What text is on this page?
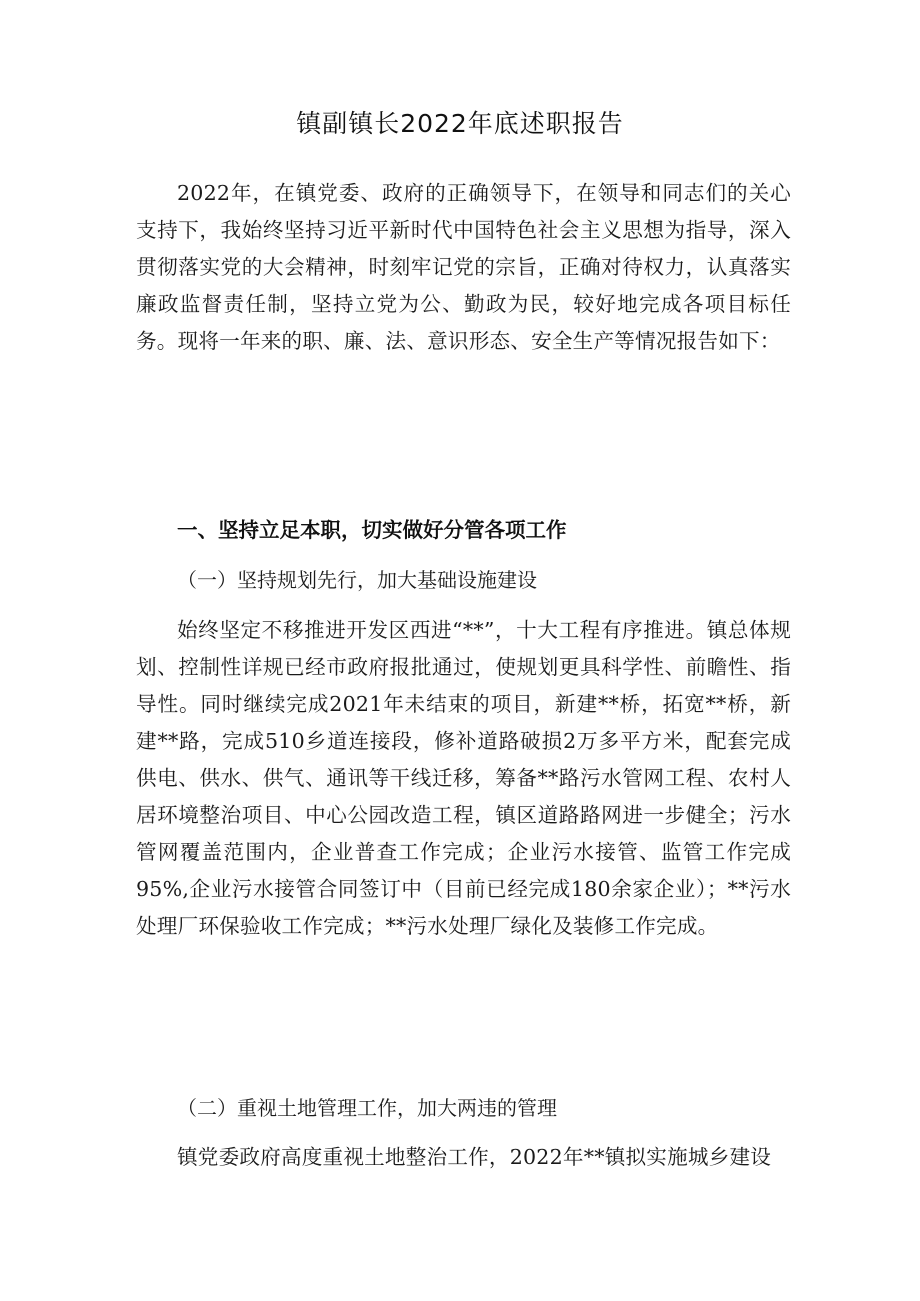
镇副镇长2022年底述职报告

2022年，在镇党委、政府的正确领导下，在领导和同志们的关心支持下，我始终坚持习近平新时代中国特色社会主义思想为指导，深入贯彻落实党的大会精神，时刻牢记党的宗旨，正确对待权力，认真落实廉政监督责任制，坚持立党为公、勤政为民，较好地完成各项目标任务。现将一年来的职、廉、法、意识形态、安全生产等情况报告如下：

一、坚持立足本职，切实做好分管各项工作
（一）坚持规划先行，加大基础设施建设

始终坚定不移推进开发区西进“**”，十大工程有序推进。镇总体规划、控制性详规已经市政府报批通过，使规划更具科学性、前瞻性、指导性。同时继续完成2021年未结束的项目，新建**桥，拓宽**桥，新建**路，完成510乡道连接段，修补道路破损2万多平方米，配套完成供电、供水、供气、通讯等干线迁移，筹备**路污水管网工程、农村人居环境整治项目、中心公园改造工程，镇区道路路网进一步健全；污水管网覆盖范围内，企业普查工作完成；企业污水接管、监管工作完成95%,企业污水接管合同签订中（目前已经完成180余家企业）；**污水处理厂环保验收工作完成；**污水处理厂绿化及装修工作完成。

（二）重视土地管理工作，加大两违的管理

镇党委政府高度重视土地整治工作，2022年**镇拟实施城乡建设
